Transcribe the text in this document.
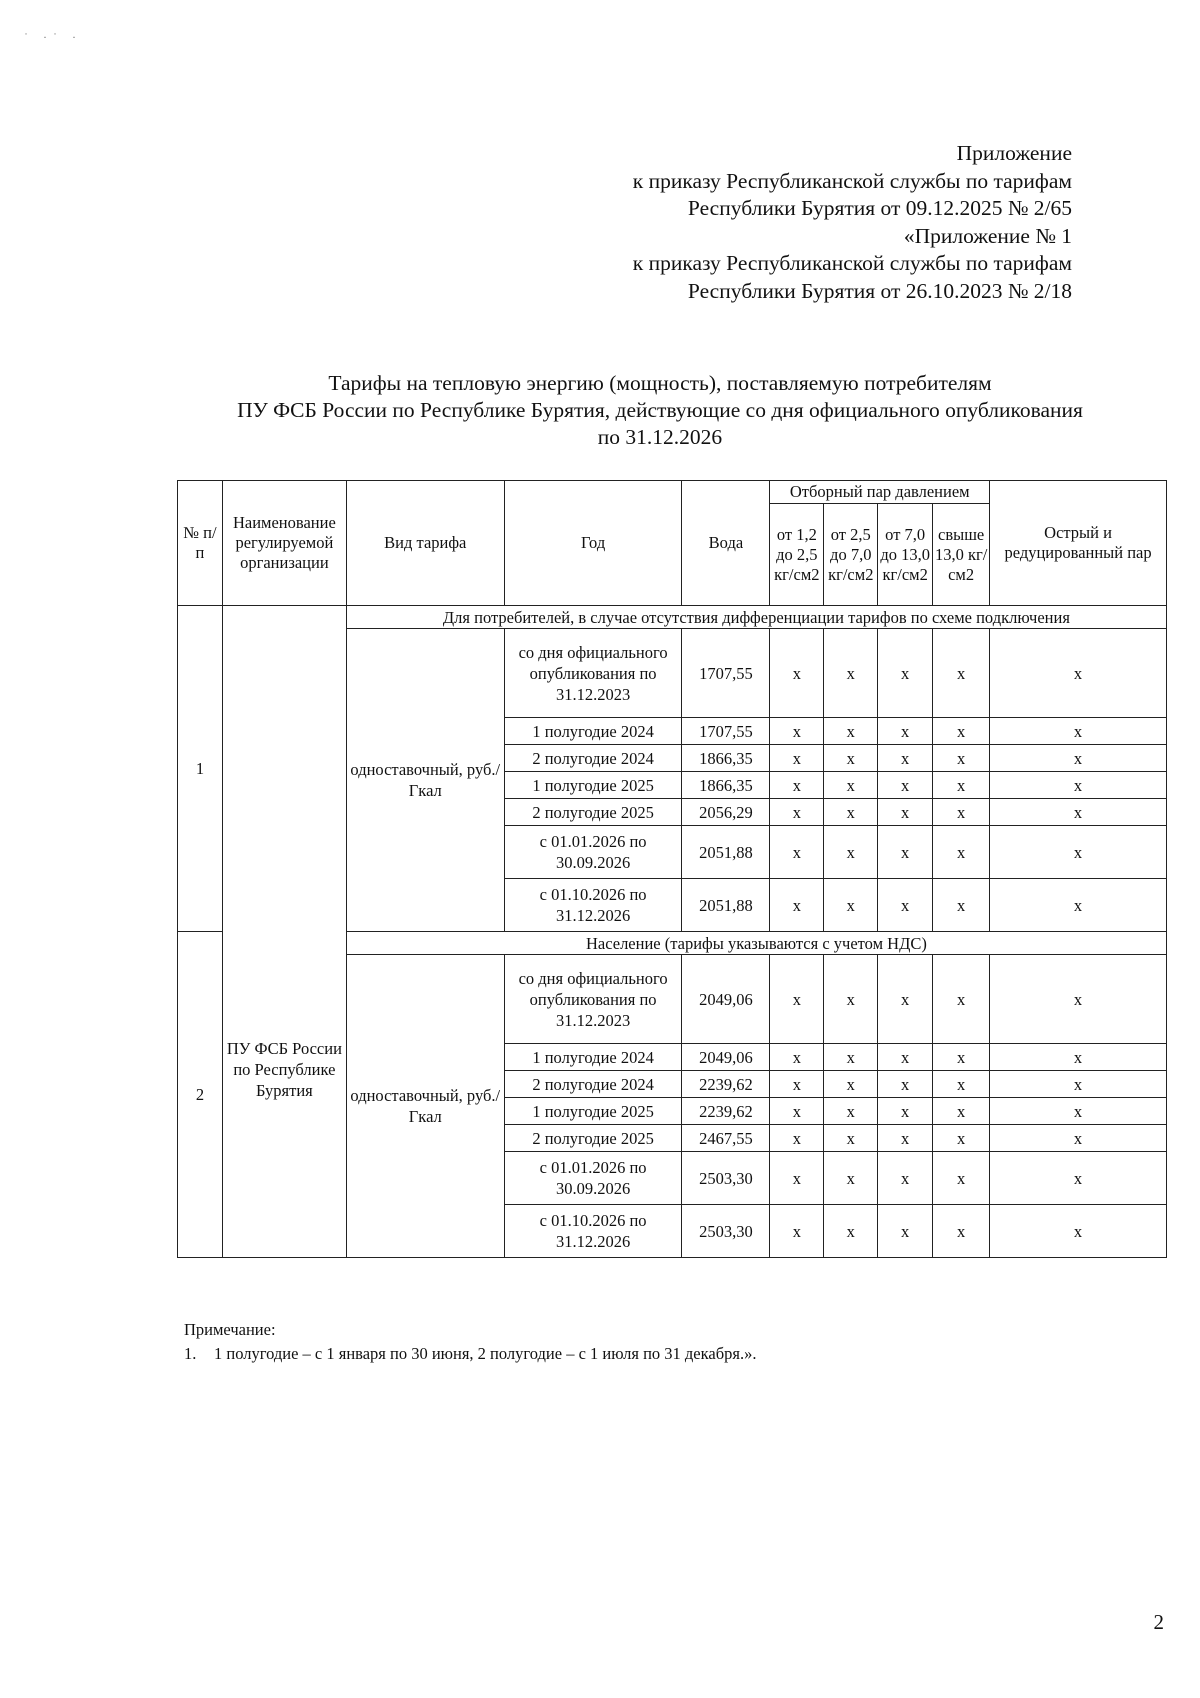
˙ ·˙ ·
Приложение
к приказу Республиканской службы по тарифам
Республики Бурятия от 09.12.2025 № 2/65
«Приложение № 1
к приказу Республиканской службы по тарифам
Республики Бурятия от 26.10.2023 № 2/18
Тарифы на тепловую энергию (мощность), поставляемую потребителям
ПУ ФСБ России по Республике Бурятия, действующие со дня официального опубликования
по 31.12.2026
№ п/п	Наименование регулируемой организации	Вид тарифа	Год	Вода	Отборный пар давлением				Острый и редуцированный пар
					от 1,2 до 2,5 кг/см2	от 2,5 до 7,0 кг/см2	от 7,0 до 13,0 кг/см2	свыше 13,0 кг/см2	
1	ПУ ФСБ России по Республике Бурятия	Для потребителей, в случае отсутствия дифференциации тарифов по схеме подключения							
		одноставочный, руб./Гкал	со дня официального опубликования по 31.12.2023	1707,55	х	х	х	х	х
			1 полугодие 2024	1707,55	х	х	х	х	х
			2 полугодие 2024	1866,35	х	х	х	х	х
			1 полугодие 2025	1866,35	х	х	х	х	х
			2 полугодие 2025	2056,29	х	х	х	х	х
			с 01.01.2026 по 30.09.2026	2051,88	х	х	х	х	х
			с 01.10.2026 по 31.12.2026	2051,88	х	х	х	х	х
2		Население (тарифы указываются с учетом НДС)							
		одноставочный, руб./Гкал	со дня официального опубликования по 31.12.2023	2049,06	х	х	х	х	х
			1 полугодие 2024	2049,06	х	х	х	х	х
			2 полугодие 2024	2239,62	х	х	х	х	х
			1 полугодие 2025	2239,62	х	х	х	х	х
			2 полугодие 2025	2467,55	х	х	х	х	х
			с 01.01.2026 по 30.09.2026	2503,30	х	х	х	х	х
			с 01.10.2026 по 31.12.2026	2503,30	х	х	х	х	х
Примечание:
1. 1 полугодие – с 1 января по 30 июня, 2 полугодие – с 1 июля по 31 декабря.».
2
